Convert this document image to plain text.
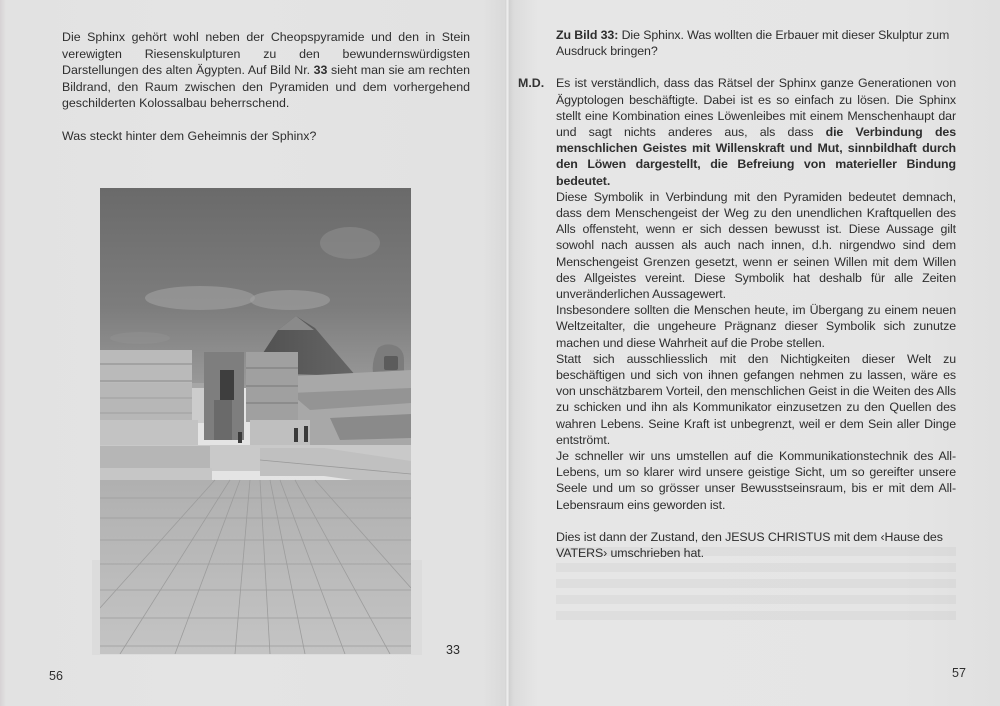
Die Sphinx gehört wohl neben der Cheopspyramide und den in Stein verewigten Riesenskulpturen zu den bewundernswürdigsten Darstellungen des alten Ägypten. Auf Bild Nr. 33 sieht man sie am rechten Bildrand, den Raum zwischen den Pyramiden und dem vorhergehend geschilderten Kolossalbau beherrschend.

Was steckt hinter dem Geheimnis der Sphinx?

33
56
Zu Bild 33: Die Sphinx. Was wollten die Erbauer mit dieser Skulptur zum Ausdruck bringen?
M.D. Es ist verständlich, dass das Rätsel der Sphinx ganze Generationen von Ägyptologen beschäftigte. Dabei ist es so einfach zu lösen. Die Sphinx stellt eine Kombination eines Löwenleibes mit einem Menschenhaupt dar und sagt nichts anderes aus, als dass die Verbindung des menschlichen Geistes mit Willenskraft und Mut, sinnbildhaft durch den Löwen dargestellt, die Befreiung von materieller Bindung bedeutet.

Diese Symbolik in Verbindung mit den Pyramiden bedeutet demnach, dass dem Menschengeist der Weg zu den unendlichen Kraftquellen des Alls offensteht, wenn er sich dessen bewusst ist. Diese Aussage gilt sowohl nach aussen als auch nach innen, d.h. nirgendwo sind dem Menschengeist Grenzen gesetzt, wenn er seinen Willen mit dem Willen des Allgeistes vereint. Diese Symbolik hat deshalb für alle Zeiten unveränderlichen Aussagewert.

Insbesondere sollten die Menschen heute, im Übergang zu einem neuen Weltzeitalter, die ungeheure Prägnanz dieser Symbolik sich zunutze machen und diese Wahrheit auf die Probe stellen.

Statt sich ausschliesslich mit den Nichtigkeiten dieser Welt zu beschäftigen und sich von ihnen gefangen nehmen zu lassen, wäre es von unschätzbarem Vorteil, den menschlichen Geist in die Weiten des Alls zu schicken und ihn als Kommunikator einzusetzen zu den Quellen des wahren Lebens. Seine Kraft ist unbegrenzt, weil er dem Sein aller Dinge entströmt.

Je schneller wir uns umstellen auf die Kommunikationstechnik des All-Lebens, um so klarer wird unsere geistige Sicht, um so gereifter unsere Seele und um so grösser unser Bewusstseinsraum, bis er mit dem All-Lebensraum eins geworden ist.

Dies ist dann der Zustand, den JESUS CHRISTUS mit dem ‹Hause des VATERS› umschrieben hat.
57
